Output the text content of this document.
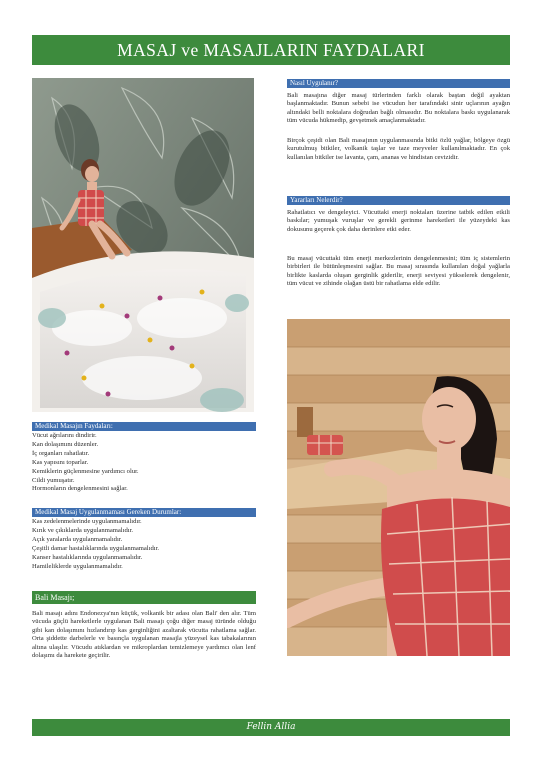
MASAJ ve MASAJLARIN FAYDALARI
Nasıl Uygulanır?

Bali masajına diğer masaj türlerinden farklı olarak baştan değil ayaktan başlanmaktadır. Bunun sebebi ise vücudun her tarafındaki sinir uçlarının ayağın altındaki belli noktalara doğrudan bağlı olmasıdır. Bu noktalara baskı uygulanarak tüm vücuda hükmedip, gevşetmek amaçlanmaktadır.

Birçok çeşidi olan Bali masajının uygulanmasında bitki özlü yağlar, bölgeye özgü kurutulmuş bitkiler, volkanik taşlar ve taze meyveler kullanılmaktadır. En çok kullanılan bitkiler ise lavanta, çam, ananas ve hindistan cevizidir.

Yararları Nelerdir?

Rahatlatıcı ve dengeleyici. Vücuttaki enerji noktaları üzerine tatbik edilen etkili baskılar; yumuşak vuruşlar ve gerekli gerinme hareketleri ile yüzeydeki kas dokusunu geçerek çok daha derinlere etki eder.

Bu masaj vücuttaki tüm enerji merkezlerinin dengelenmesini; tüm iç sistemlerin birbirleri ile bütünleşmesini sağlar. Bu masaj sırasında kullanılan doğal yağlarla birlikte kaslarda oluşan gerginlik giderilir, enerji seviyesi yükselerek dengelenir, tüm vücut ve zihinde olağan üstü bir rahatlama elde edilir.

Medikal Masajın Faydaları:
Vücut ağrılarını dindirir.
Kan dolaşımını düzenler.
İç organları rahatlatır.
Kas yapısını toparlar.
Kemiklerin güçlenmesine yardımcı olur.
Cildi yumuşatır.
Hormonların dengelenmesini sağlar.
Medikal Masaj Uygulanmaması Gereken Durumlar:
Kas zedelenmelerinde uygulanmamalıdır.
Kırık ve çıkıklarda uygulanmamalıdır.
Açık yaralarda uygulanmamalıdır.
Çeşitli damar hastalıklarında uygulanmamalıdır.
Kanser hastalıklarında uygulanmamalıdır.
Hamileliklerde uygulanmamalıdır.
Bali Masajı;

Bali masajı adını Endonezya'nın küçük, volkanik bir adası olan Bali' den alır. Tüm vücuda güçlü hareketlerle uygulanan Bali masajı çoğu diğer masaj türünde olduğu gibi kan dolaşımını hızlandırıp kas gerginliğini azaltarak vücutta rahatlama sağlar. Orta şiddette darbelerle ve basınçla uygulanan masajla yüzeysel kas tabakalarının altına ulaşılır. Vücudu atıklardan ve mikroplardan temizlemeye yardımcı olan lenf dolaşımı da harekete geçirilir.

Fellin Allia
